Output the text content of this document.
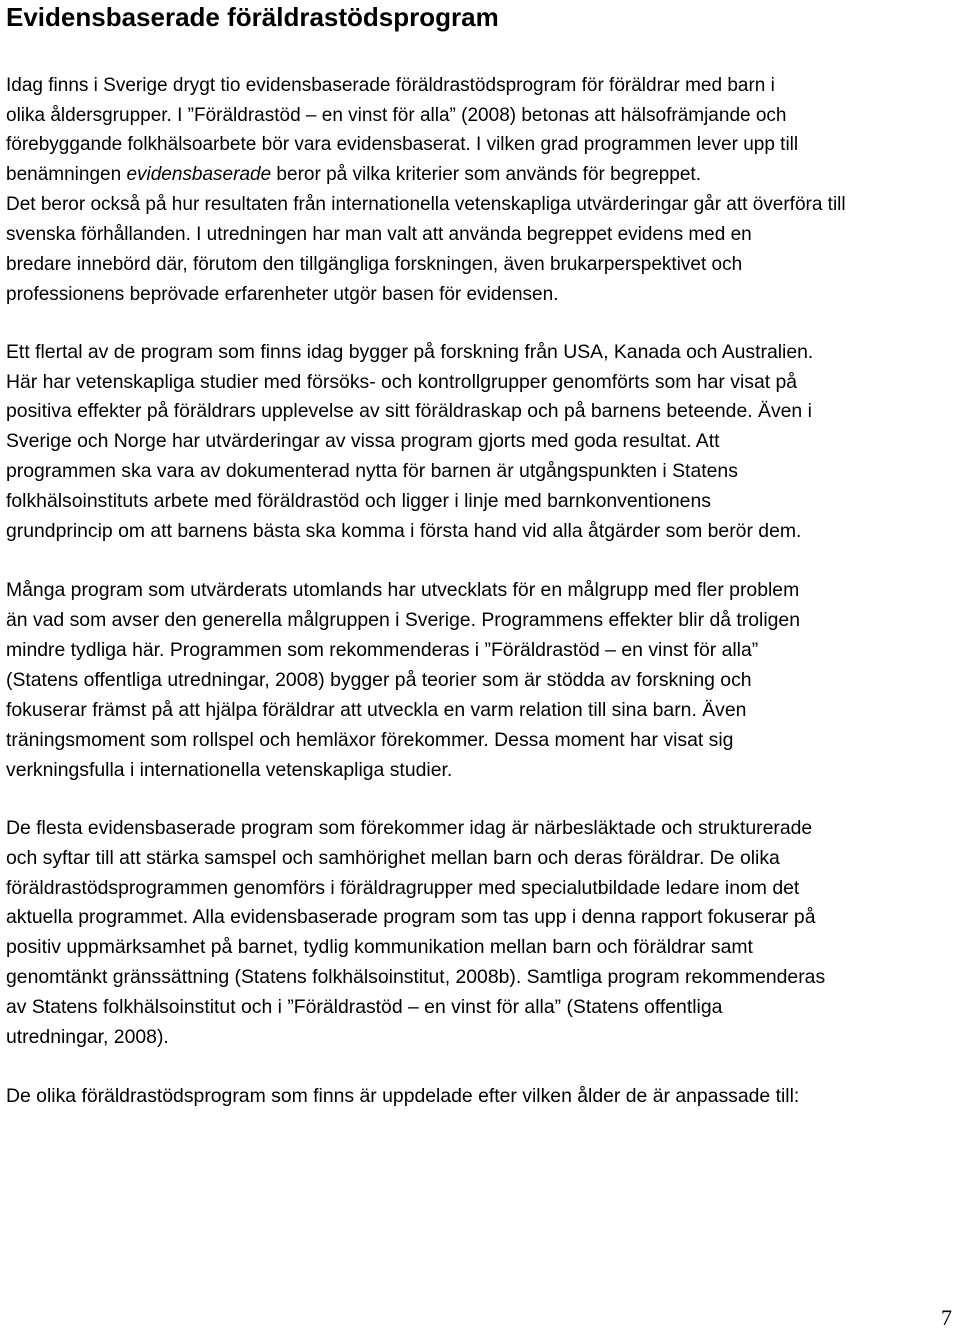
Evidensbaserade föräldrastödsprogram

Idag finns i Sverige drygt tio evidensbaserade föräldrastödsprogram för föräldrar med barn i

olika åldersgrupper. I ”Föräldrastöd – en vinst för alla” (2008) betonas att hälsofrämjande och

förebyggande folkhälsoarbete bör vara evidensbaserat. I vilken grad programmen lever upp till

benämningen evidensbaserade beror på vilka kriterier som används för begreppet.

Det beror också på hur resultaten från internationella vetenskapliga utvärderingar går att överföra till

svenska förhållanden. I utredningen har man valt att använda begreppet evidens med en

bredare innebörd där, förutom den tillgängliga forskningen, även brukarperspektivet och

professionens beprövade erfarenheter utgör basen för evidensen.

Ett flertal av de program som finns idag bygger på forskning från USA, Kanada och Australien.

Här har vetenskapliga studier med försöks- och kontrollgrupper genomförts som har visat på

positiva effekter på föräldrars upplevelse av sitt föräldraskap och på barnens beteende. Även i

Sverige och Norge har utvärderingar av vissa program gjorts med goda resultat. Att

programmen ska vara av dokumenterad nytta för barnen är utgångspunkten i Statens

folkhälsoinstituts arbete med föräldrastöd och ligger i linje med barnkonventionens

grundprincip om att barnens bästa ska komma i första hand vid alla åtgärder som berör dem.

Många program som utvärderats utomlands har utvecklats för en målgrupp med fler problem

än vad som avser den generella målgruppen i Sverige. Programmens effekter blir då troligen

mindre tydliga här. Programmen som rekommenderas i ”Föräldrastöd – en vinst för alla”

(Statens offentliga utredningar, 2008) bygger på teorier som är stödda av forskning och

fokuserar främst på att hjälpa föräldrar att utveckla en varm relation till sina barn. Även

träningsmoment som rollspel och hemläxor förekommer. Dessa moment har visat sig

verkningsfulla i internationella vetenskapliga studier.

De flesta evidensbaserade program som förekommer idag är närbesläktade och strukturerade

och syftar till att stärka samspel och samhörighet mellan barn och deras föräldrar. De olika

föräldrastödsprogrammen genomförs i föräldragrupper med specialutbildade ledare inom det

aktuella programmet. Alla evidensbaserade program som tas upp i denna rapport fokuserar på

positiv uppmärksamhet på barnet, tydlig kommunikation mellan barn och föräldrar samt

genomtänkt gränssättning (Statens folkhälsoinstitut, 2008b). Samtliga program rekommenderas

av Statens folkhälsoinstitut och i ”Föräldrastöd – en vinst för alla” (Statens offentliga

utredningar, 2008).

De olika föräldrastödsprogram som finns är uppdelade efter vilken ålder de är anpassade till:

7
